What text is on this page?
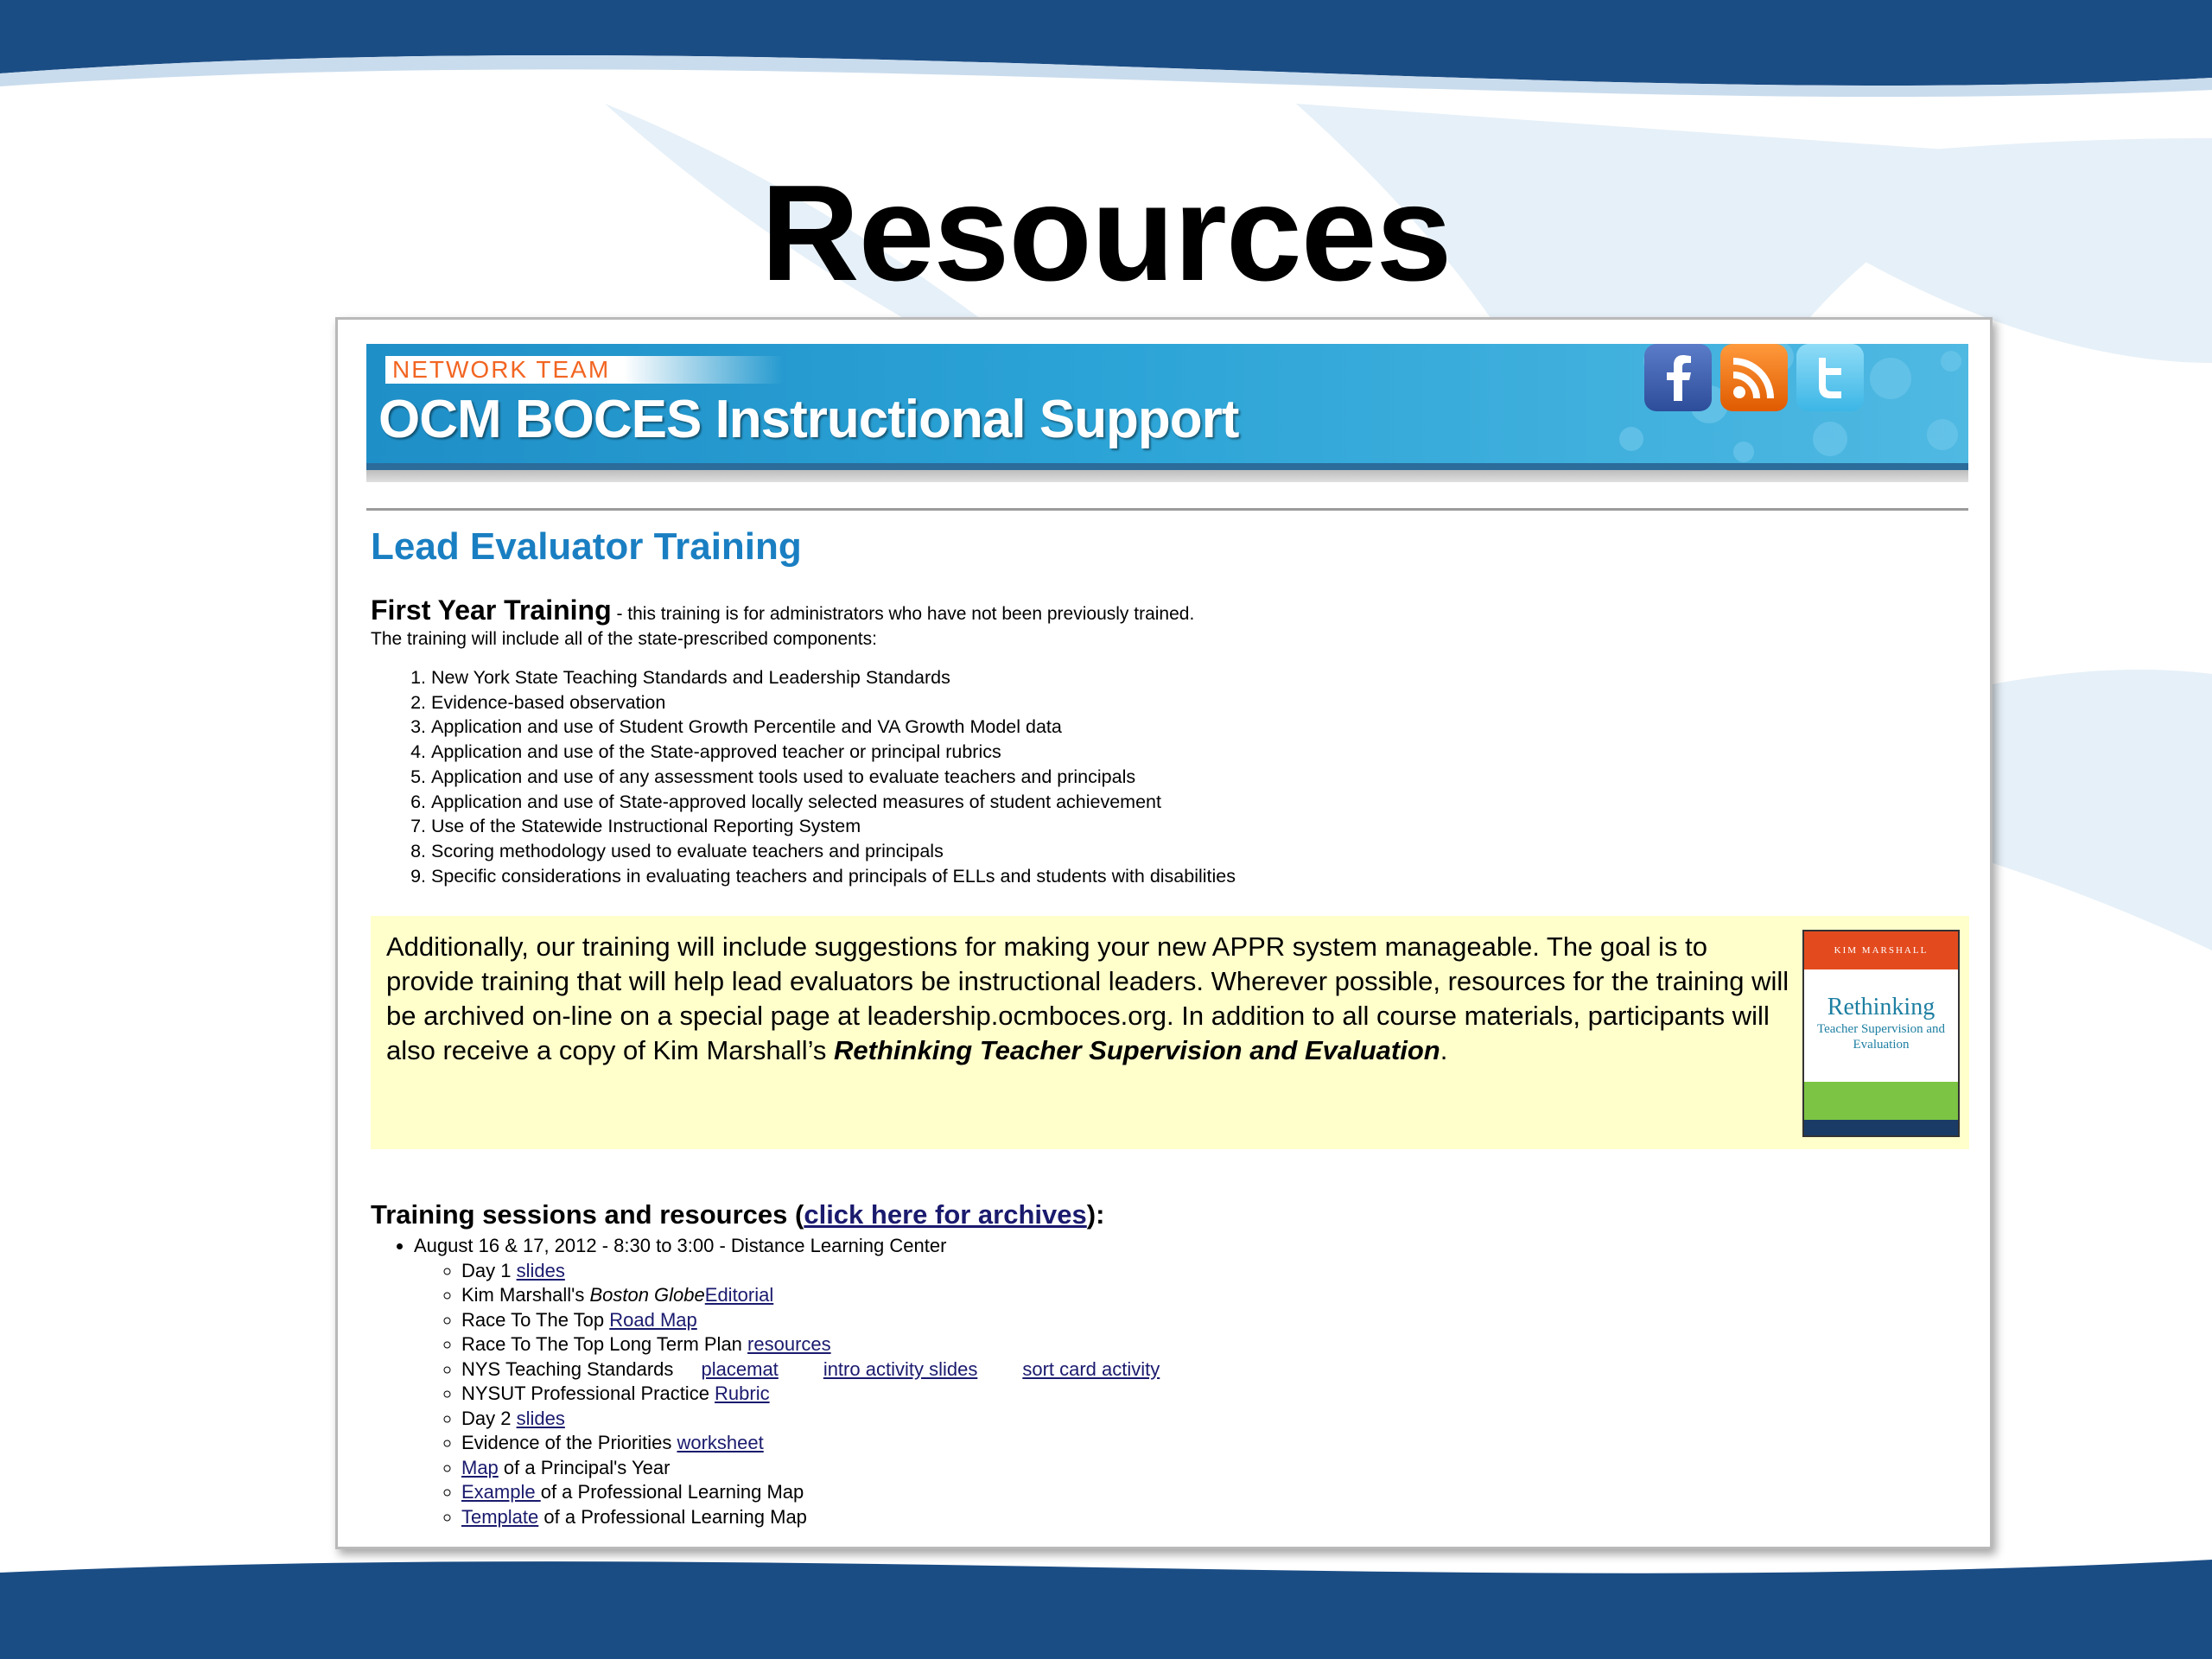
Resources
NETWORK TEAM
OCM BOCES Instructional Support
Lead Evaluator Training
First Year Training - this training is for administrators who have not been previously trained.
The training will include all of the state-prescribed components:
1. New York State Teaching Standards and Leadership Standards
2. Evidence-based observation
3. Application and use of Student Growth Percentile and VA Growth Model data
4. Application and use of the State-approved teacher or principal rubrics
5. Application and use of any assessment tools used to evaluate teachers and principals
6. Application and use of State-approved locally selected measures of student achievement
7. Use of the Statewide Instructional Reporting System
8. Scoring methodology used to evaluate teachers and principals
9. Specific considerations in evaluating teachers and principals of ELLs and students with disabilities
Additionally, our training will include suggestions for making your new APPR system manageable. The goal is to provide training that will help lead evaluators be instructional leaders. Wherever possible, resources for the training will be archived on-line on a special page at leadership.ocmboces.org. In addition to all course materials, participants will also receive a copy of Kim Marshall’s Rethinking Teacher Supervision and Evaluation.
KIM MARSHALL
Rethinking
Teacher Supervision and Evaluation
Training sessions and resources (click here for archives):
• August 16 & 17, 2012 - 8:30 to 3:00 - Distance Learning Center
◦ Day 1 slides
◦ Kim Marshall's Boston GlobeEditorial
◦ Race To The Top Road Map
◦ Race To The Top Long Term Plan resources
◦ NYS Teaching Standards placemat intro activity slides sort card activity
◦ NYSUT Professional Practice Rubric
◦ Day 2 slides
◦ Evidence of the Priorities worksheet
◦ Map of a Principal's Year
◦ Example of a Professional Learning Map
◦ Template of a Professional Learning Map
